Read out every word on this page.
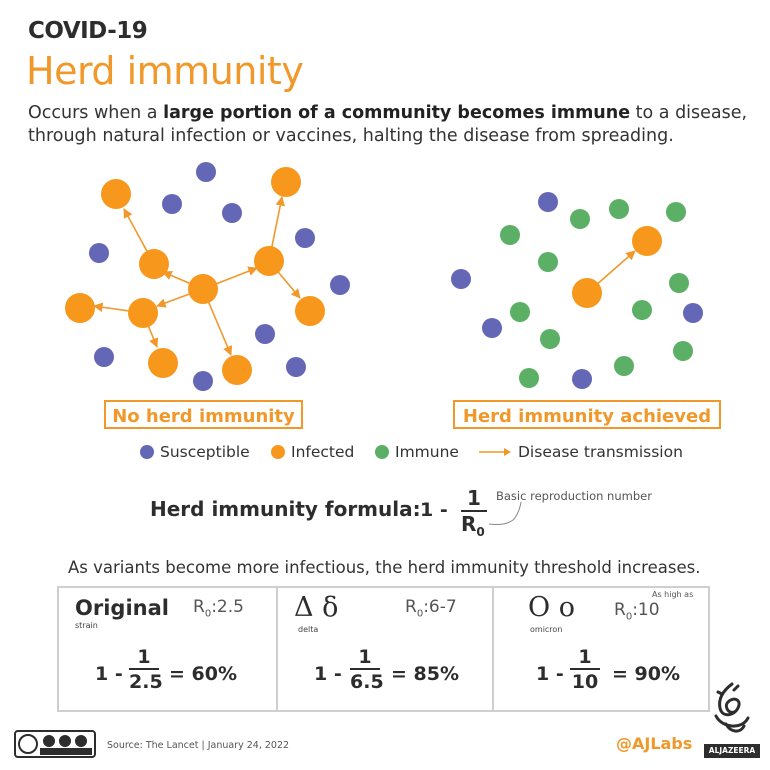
COVID-19
Herd immunity
Occurs when a large portion of a community becomes immune to a disease, through natural infection or vaccines, halting the disease from spreading.
No herd immunity	Herd immunity achieved
Susceptible	Infected	Immune	Disease transmission
Herd immunity formula: 1 - 1
$R_0$
Basic reproduction number
As variants become more infectious, the herd immunity threshold increases.
Original
strain
$R_0:2.5$
$1 - \frac{1}{2.5} = 60\%$
Δ δ
delta
$R_0:6-7$
$1 - \frac{1}{6.5} = 85\%$
O o
omicron
As high as
$R_0:10$
$1 - \frac{1}{10} = 90\%$
Source: The Lancet | January 24, 2022	@AJLabs	ALJAZEERA
